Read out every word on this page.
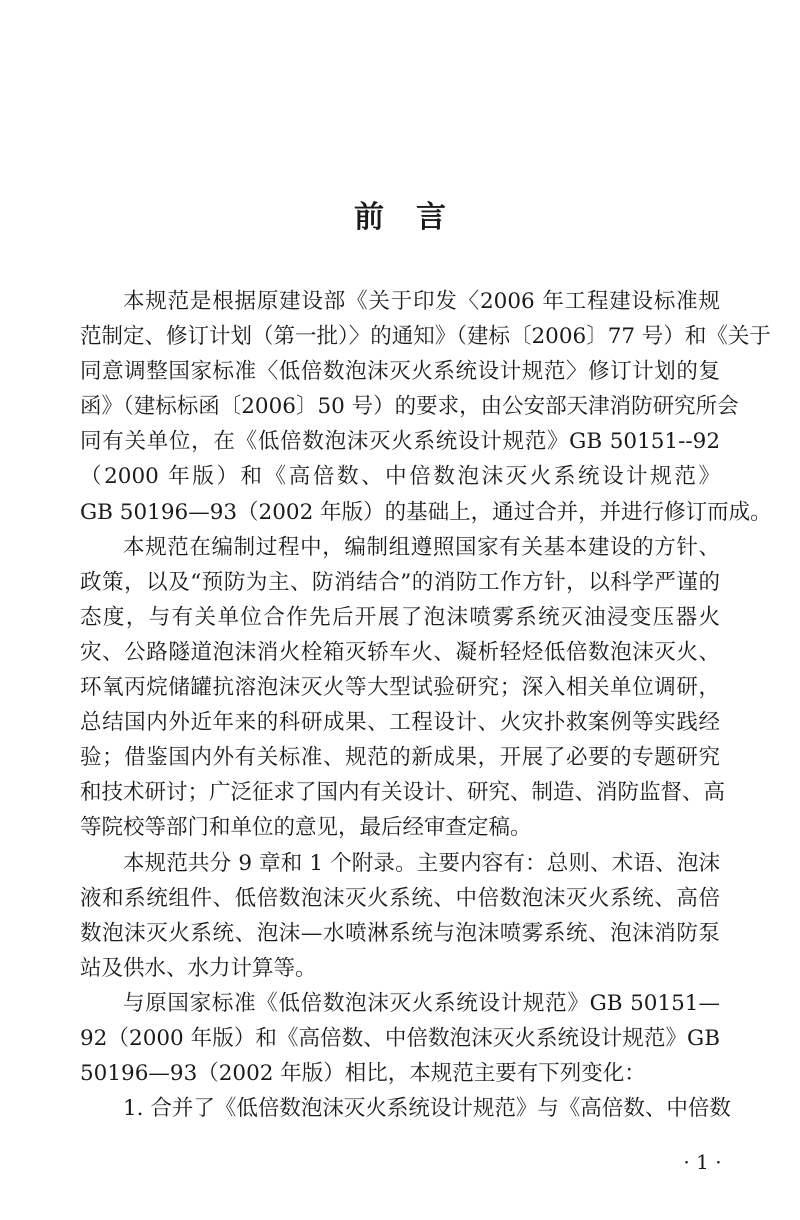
前言
本规范是根据原建设部《关于印发〈2006 年工程建设标准规
范制定、修订计划（第一批）〉的通知》（建标〔2006〕77 号）和《关于
同意调整国家标准〈低倍数泡沫灭火系统设计规范〉修订计划的复
函》（建标标函〔2006〕50 号）的要求，由公安部天津消防研究所会
同有关单位，在《低倍数泡沫灭火系统设计规范》GB 50151--92
（2000 年版）和《高倍数、中倍数泡沫灭火系统设计规范》
GB 50196—93（2002 年版）的基础上，通过合并，并进行修订而成。
本规范在编制过程中，编制组遵照国家有关基本建设的方针、
政策，以及“预防为主、防消结合”的消防工作方针，以科学严谨的
态度，与有关单位合作先后开展了泡沫喷雾系统灭油浸变压器火
灾、公路隧道泡沫消火栓箱灭轿车火、凝析轻烃低倍数泡沫灭火、
环氧丙烷储罐抗溶泡沫灭火等大型试验研究；深入相关单位调研，
总结国内外近年来的科研成果、工程设计、火灾扑救案例等实践经
验；借鉴国内外有关标准、规范的新成果，开展了必要的专题研究
和技术研讨；广泛征求了国内有关设计、研究、制造、消防监督、高
等院校等部门和单位的意见，最后经审查定稿。
本规范共分 9 章和 1 个附录。主要内容有：总则、术语、泡沫
液和系统组件、低倍数泡沫灭火系统、中倍数泡沫灭火系统、高倍
数泡沫灭火系统、泡沫—水喷淋系统与泡沫喷雾系统、泡沫消防泵
站及供水、水力计算等。
与原国家标准《低倍数泡沫灭火系统设计规范》GB 50151—
92（2000 年版）和《高倍数、中倍数泡沫灭火系统设计规范》GB
50196—93（2002 年版）相比，本规范主要有下列变化：
1. 合并了《低倍数泡沫灭火系统设计规范》与《高倍数、中倍数
· 1 ·
